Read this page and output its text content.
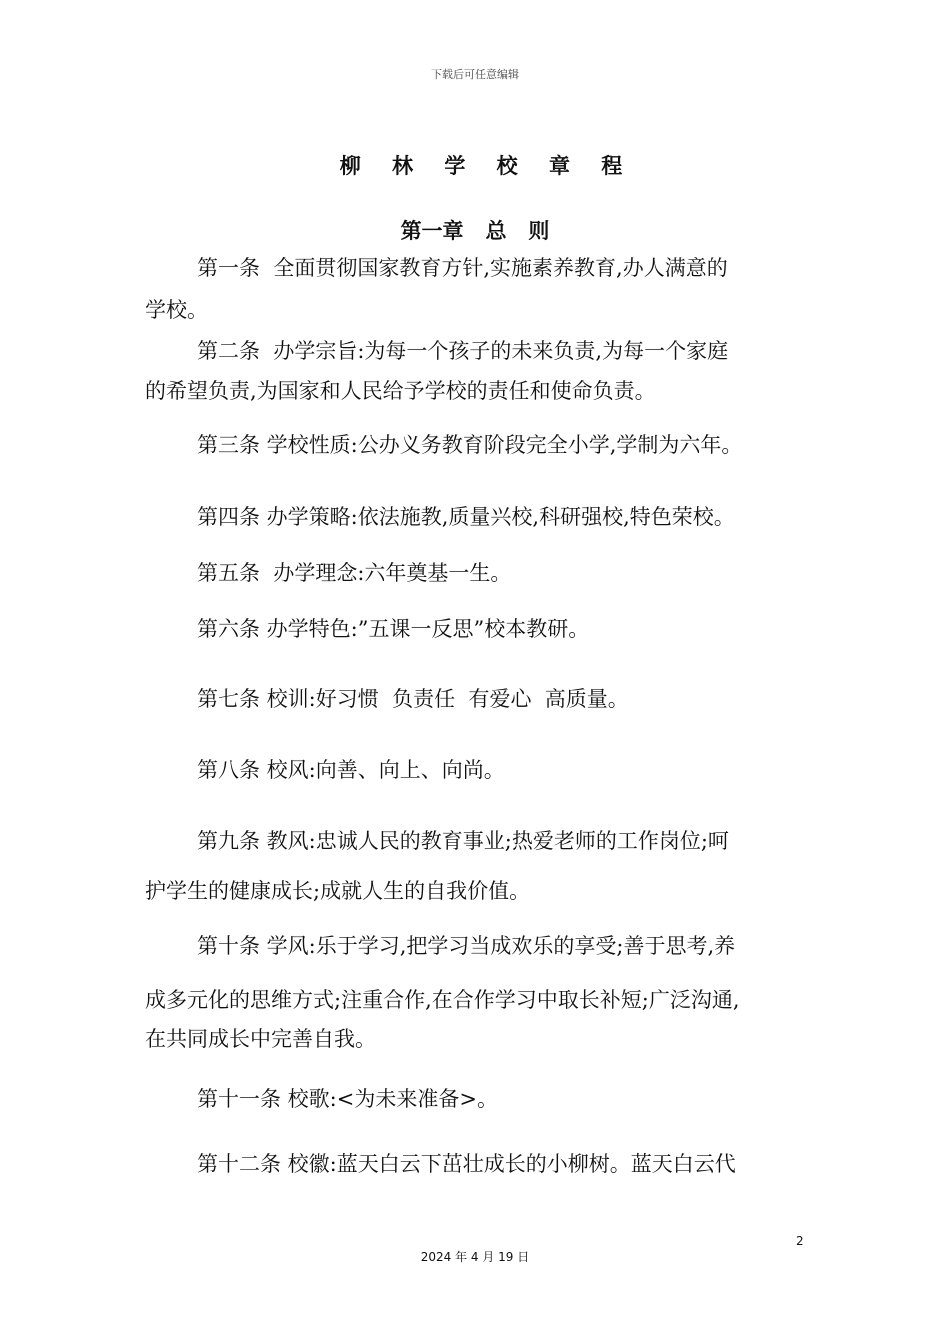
下载后可任意编辑
柳 林 学 校 章 程
第一章   总   则
第一条  全面贯彻国家教育方针,实施素养教育,办人满意的
学校。
第二条  办学宗旨:为每一个孩子的未来负责,为每一个家庭
的希望负责,为国家和人民给予学校的责任和使命负责。
第三条 学校性质:公办义务教育阶段完全小学,学制为六年。
第四条 办学策略:依法施教,质量兴校,科研强校,特色荣校。
第五条  办学理念:六年奠基一生。
第六条 办学特色:”五课一反思”校本教研。
第七条 校训:好习惯  负责任  有爱心  高质量。
第八条 校风:向善、向上、向尚。
第九条 教风:忠诚人民的教育事业;热爱老师的工作岗位;呵
护学生的健康成长;成就人生的自我价值。
第十条 学风:乐于学习,把学习当成欢乐的享受;善于思考,养
成多元化的思维方式;注重合作,在合作学习中取长补短;广泛沟通,
在共同成长中完善自我。
第十一条 校歌:<为未来准备>。
第十二条 校徽:蓝天白云下茁壮成长的小柳树。蓝天白云代
2
2024 年 4 月 19 日
